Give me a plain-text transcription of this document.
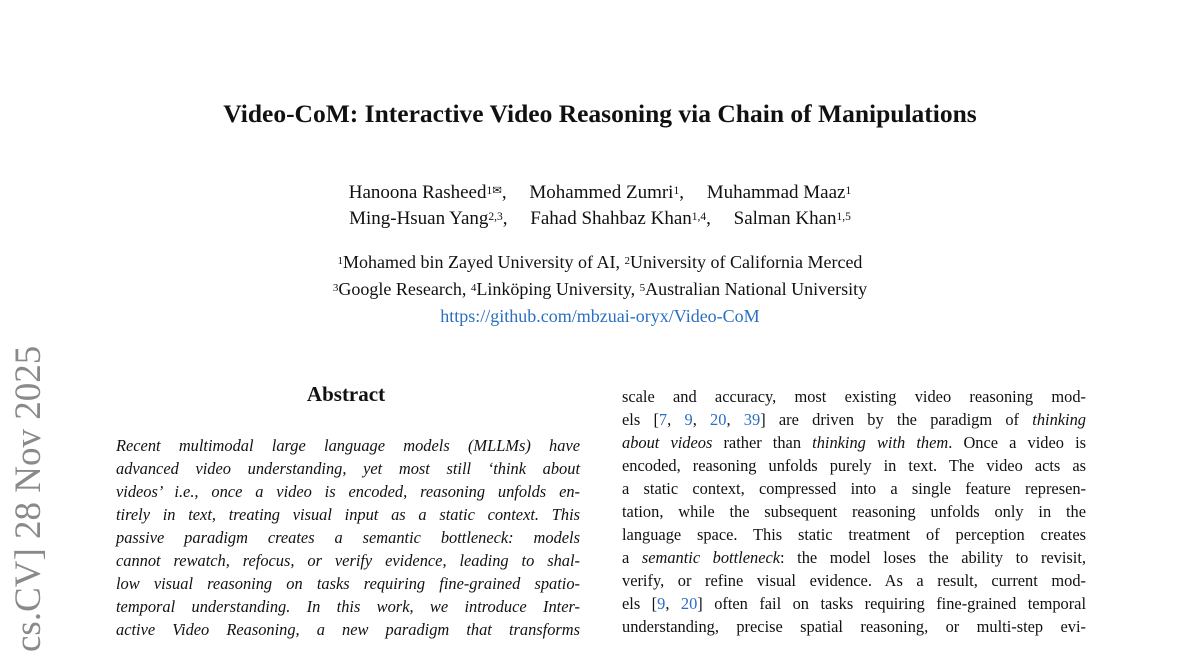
Video-CoM: Interactive Video Reasoning via Chain of Manipulations
Hanoona Rasheed$^{1✉}$, Mohammed Zumri$^1$, Muhammad Maaz$^1$
Ming-Hsuan Yang$^{2,3}$, Fahad Shahbaz Khan$^{1,4}$, Salman Khan$^{1,5}$
$^1$Mohamed bin Zayed University of AI, $^2$University of California Merced
$^3$Google Research, $^4$Linköping University, $^5$Australian National University
https://github.com/mbzuai-oryx/Video-CoM
cs.CV] 28 Nov 2025	Abstract
Recent multimodal large language models (MLLMs) have
advanced video understanding, yet most still ‘think about
videos’ i.e., once a video is encoded, reasoning unfolds en-
tirely in text, treating visual input as a static context. This
passive paradigm creates a semantic bottleneck: models
cannot rewatch, refocus, or verify evidence, leading to shal-
low visual reasoning on tasks requiring fine-grained spatio-
temporal understanding. In this work, we introduce Inter-
active Video Reasoning, a new paradigm that transforms
scale and accuracy, most existing video reasoning mod-
els [7, 9, 20, 39] are driven by the paradigm of thinking
about videos rather than thinking with them. Once a video is
encoded, reasoning unfolds purely in text. The video acts as
a static context, compressed into a single feature represen-
tation, while the subsequent reasoning unfolds only in the
language space. This static treatment of perception creates
a semantic bottleneck: the model loses the ability to revisit,
verify, or refine visual evidence. As a result, current mod-
els [9, 20] often fail on tasks requiring fine-grained temporal
understanding, precise spatial reasoning, or multi-step evi-
